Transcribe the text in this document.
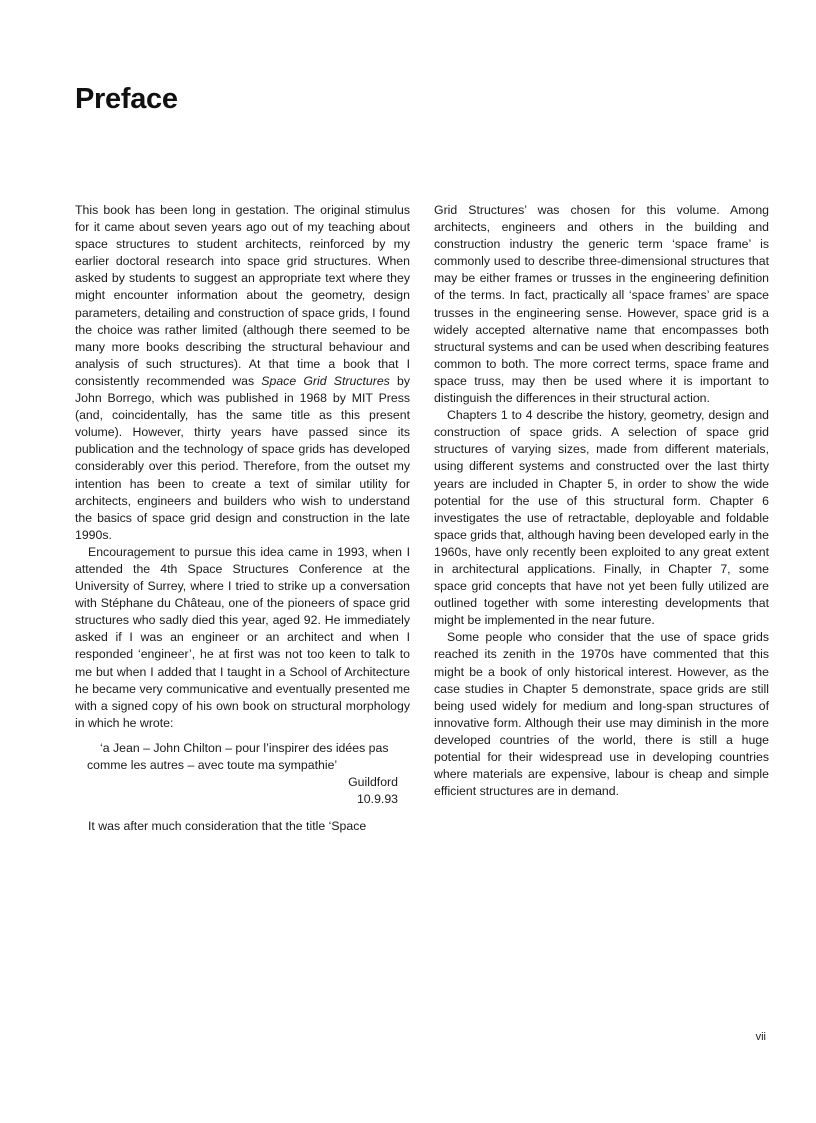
Preface

This book has been long in gestation. The original stimulus for it came about seven years ago out of my teaching about space structures to student architects, reinforced by my earlier doctoral research into space grid structures. When asked by students to suggest an appropriate text where they might encounter information about the geometry, design parameters, detailing and construction of space grids, I found the choice was rather limited (although there seemed to be many more books describing the structural behaviour and analysis of such structures). At that time a book that I consistently recommended was Space Grid Structures by John Borrego, which was published in 1968 by MIT Press (and, coincidentally, has the same title as this present volume). However, thirty years have passed since its publication and the technology of space grids has developed considerably over this period. Therefore, from the outset my intention has been to create a text of similar utility for architects, engineers and builders who wish to understand the basics of space grid design and construction in the late 1990s.

Encouragement to pursue this idea came in 1993, when I attended the 4th Space Structures Conference at the University of Surrey, where I tried to strike up a conversation with Stéphane du Château, one of the pioneers of space grid structures who sadly died this year, aged 92. He immediately asked if I was an engineer or an architect and when I responded ‘engineer’, he at first was not too keen to talk to me but when I added that I taught in a School of Architecture he became very communicative and eventually presented me with a signed copy of his own book on structural morphology in which he wrote:

‘a Jean – John Chilton – pour l’inspirer des idées pas comme les autres – avec toute ma sympathie’
Guildford
10.9.93

It was after much consideration that the title ‘Space

Grid Structures’ was chosen for this volume. Among architects, engineers and others in the building and construction industry the generic term ‘space frame’ is commonly used to describe three-dimensional structures that may be either frames or trusses in the engineering definition of the terms. In fact, practically all ‘space frames’ are space trusses in the engineering sense. However, space grid is a widely accepted alternative name that encompasses both structural systems and can be used when describing features common to both. The more correct terms, space frame and space truss, may then be used where it is important to distinguish the differences in their structural action.

Chapters 1 to 4 describe the history, geometry, design and construction of space grids. A selection of space grid structures of varying sizes, made from different materials, using different systems and constructed over the last thirty years are included in Chapter 5, in order to show the wide potential for the use of this structural form. Chapter 6 investigates the use of retractable, deployable and foldable space grids that, although having been developed early in the 1960s, have only recently been exploited to any great extent in architectural applications. Finally, in Chapter 7, some space grid concepts that have not yet been fully utilized are outlined together with some interesting developments that might be implemented in the near future.

Some people who consider that the use of space grids reached its zenith in the 1970s have commented that this might be a book of only historical interest. However, as the case studies in Chapter 5 demonstrate, space grids are still being used widely for medium and long-span structures of innovative form. Although their use may diminish in the more developed countries of the world, there is still a huge potential for their widespread use in developing countries where materials are expensive, labour is cheap and simple efficient structures are in demand.

vii
